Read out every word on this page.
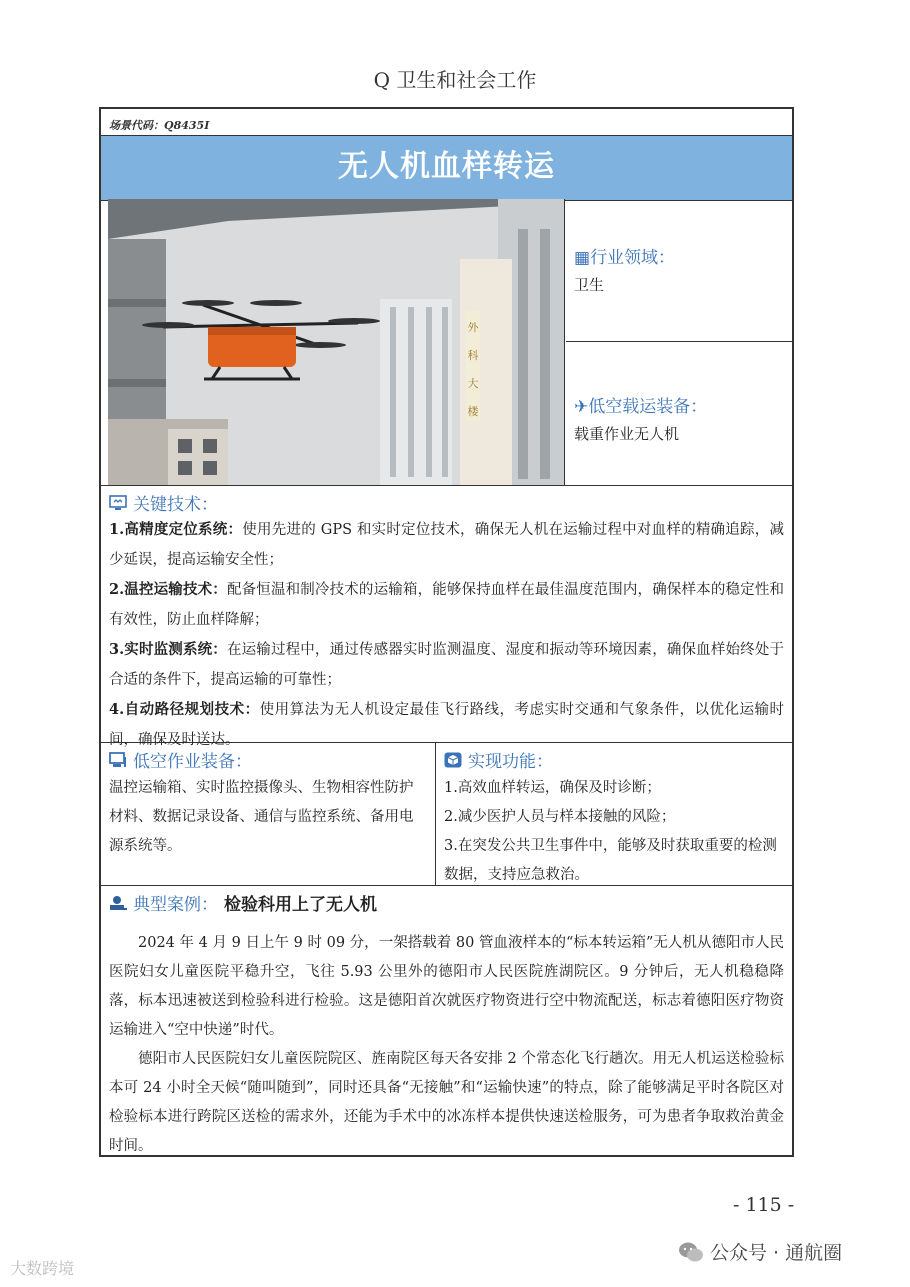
Q 卫生和社会工作
场景代码：Q8435I
无人机血样转运
外
科
大
楼
▦行业领域：
卫生
✈低空载运装备：
载重作业无人机
关键技术：

1.高精度定位系统：使用先进的 GPS 和实时定位技术，确保无人机在运输过程中对血样的精确追踪，减少延误，提高运输安全性；

2.温控运输技术：配备恒温和制冷技术的运输箱，能够保持血样在最佳温度范围内，确保样本的稳定性和有效性，防止血样降解；

3.实时监测系统：在运输过程中，通过传感器实时监测温度、湿度和振动等环境因素，确保血样始终处于合适的条件下，提高运输的可靠性；

4.自动路径规划技术：使用算法为无人机设定最佳飞行路线，考虑实时交通和气象条件，以优化运输时间，确保及时送达。

低空作业装备：
温控运输箱、实时监控摄像头、生物相容性防护材料、数据记录设备、通信与监控系统、备用电源系统等。
实现功能：
1.高效血样转运，确保及时诊断；
2.减少医护人员与样本接触的风险；
3.在突发公共卫生事件中，能够及时获取重要的检测数据，支持应急救治。
典型案例： 检验科用上了无人机

2024 年 4 月 9 日上午 9 时 09 分，一架搭载着 80 管血液样本的“标本转运箱”无人机从德阳市人民医院妇女儿童医院平稳升空，飞往 5.93 公里外的德阳市人民医院旌湖院区。9 分钟后，无人机稳稳降落，标本迅速被送到检验科进行检验。这是德阳首次就医疗物资进行空中物流配送，标志着德阳医疗物资运输进入“空中快递”时代。

德阳市人民医院妇女儿童医院院区、旌南院区每天各安排 2 个常态化飞行趟次。用无人机运送检验标本可 24 小时全天候“随叫随到”，同时还具备“无接触”和“运输快速”的特点，除了能够满足平时各院区对检验标本进行跨院区送检的需求外，还能为手术中的冰冻样本提供快速送检服务，可为患者争取救治黄金时间。

- 115 -
大数跨境
公众号 · 通航圈
